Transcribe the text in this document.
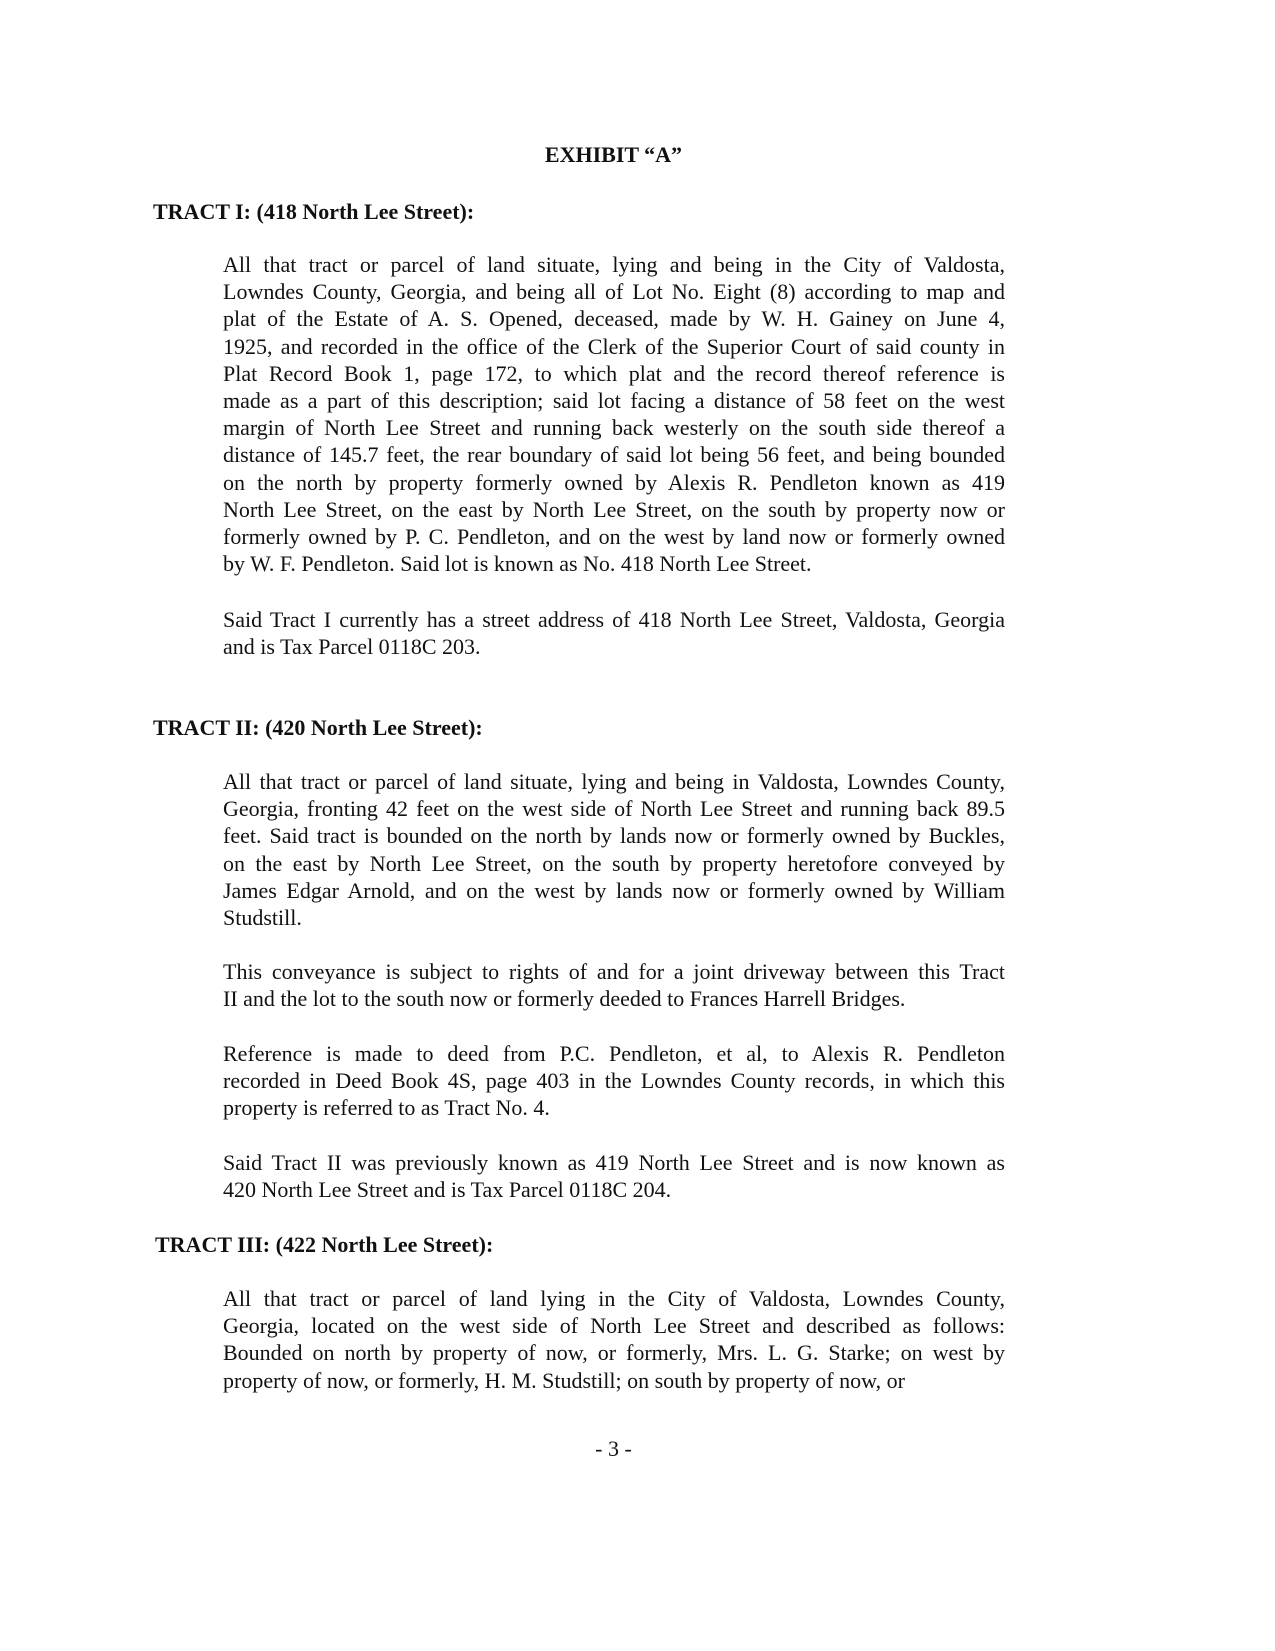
EXHIBIT “A”
TRACT I: (418 North Lee Street):
All that tract or parcel of land situate, lying and being in the City of Valdosta,
Lowndes County, Georgia, and being all of Lot No. Eight (8) according to map and
plat of the Estate of A. S. Opened, deceased, made by W. H. Gainey on June 4,
1925, and recorded in the office of the Clerk of the Superior Court of said county in
Plat Record Book 1, page 172, to which plat and the record thereof reference is
made as a part of this description; said lot facing a distance of 58 feet on the west
margin of North Lee Street and running back westerly on the south side thereof a
distance of 145.7 feet, the rear boundary of said lot being 56 feet, and being bounded
on the north by property formerly owned by Alexis R. Pendleton known as 419
North Lee Street, on the east by North Lee Street, on the south by property now or
formerly owned by P. C. Pendleton, and on the west by land now or formerly owned
by W. F. Pendleton. Said lot is known as No. 418 North Lee Street.
Said Tract I currently has a street address of 418 North Lee Street, Valdosta, Georgia
and is Tax Parcel 0118C 203.
TRACT II: (420 North Lee Street):
All that tract or parcel of land situate, lying and being in Valdosta, Lowndes County,
Georgia, fronting 42 feet on the west side of North Lee Street and running back 89.5
feet. Said tract is bounded on the north by lands now or formerly owned by Buckles,
on the east by North Lee Street, on the south by property heretofore conveyed by
James Edgar Arnold, and on the west by lands now or formerly owned by William
Studstill.
This conveyance is subject to rights of and for a joint driveway between this Tract
II and the lot to the south now or formerly deeded to Frances Harrell Bridges.
Reference is made to deed from P.C. Pendleton, et al, to Alexis R. Pendleton
recorded in Deed Book 4S, page 403 in the Lowndes County records, in which this
property is referred to as Tract No. 4.
Said Tract II was previously known as 419 North Lee Street and is now known as
420 North Lee Street and is Tax Parcel 0118C 204.
TRACT III: (422 North Lee Street):
All that tract or parcel of land lying in the City of Valdosta, Lowndes County,
Georgia, located on the west side of North Lee Street and described as follows:
Bounded on north by property of now, or formerly, Mrs. L. G. Starke; on west by
property of now, or formerly, H. M. Studstill; on south by property of now, or
- 3 -
